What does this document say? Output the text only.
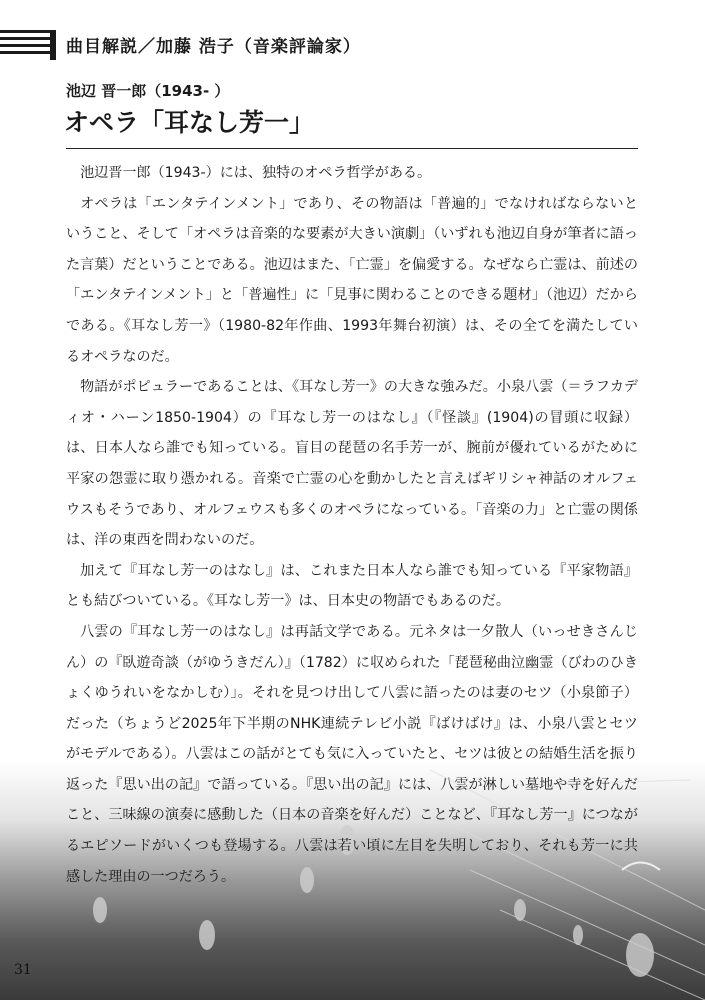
曲目解説／加藤 浩子（音楽評論家）
池辺 晋一郎（1943- ）
オペラ「耳なし芳一」

池辺晋一郎（1943-）には、独特のオペラ哲学がある。

オペラは「エンタテインメント」であり、その物語は「普遍的」でなければならないということ、そして「オペラは音楽的な要素が大きい演劇」（いずれも池辺自身が筆者に語った言葉）だということである。池辺はまた、「亡霊」を偏愛する。なぜなら亡霊は、前述の「エンタテインメント」と「普遍性」に「見事に関わることのできる題材」（池辺）だからである。《耳なし芳一》（1980-82年作曲、1993年舞台初演）は、その全てを満たしているオペラなのだ。

物語がポピュラーであることは、《耳なし芳一》の大きな強みだ。小泉八雲（＝ラフカディオ・ハーン1850-1904）の『耳なし芳一のはなし』（『怪談』(1904)の冒頭に収録）は、日本人なら誰でも知っている。盲目の琵琶の名手芳一が、腕前が優れているがために平家の怨霊に取り憑かれる。音楽で亡霊の心を動かしたと言えばギリシャ神話のオルフェウスもそうであり、オルフェウスも多くのオペラになっている。「音楽の力」と亡霊の関係は、洋の東西を問わないのだ。

加えて『耳なし芳一のはなし』は、これまた日本人なら誰でも知っている『平家物語』とも結びついている。《耳なし芳一》は、日本史の物語でもあるのだ。

八雲の『耳なし芳一のはなし』は再話文学である。元ネタは一夕散人（いっせきさんじん）の『臥遊奇談（がゆうきだん）』（1782）に収められた「琵琶秘曲泣幽霊（びわのひきょくゆうれいをなかしむ）」。それを見つけ出して八雲に語ったのは妻のセツ（小泉節子）だった（ちょうど2025年下半期のNHK連続テレビ小説『ばけばけ』は、小泉八雲とセツがモデルである）。八雲はこの話がとても気に入っていたと、セツは彼との結婚生活を振り返った『思い出の記』で語っている。『思い出の記』には、八雲が淋しい墓地や寺を好んだこと、三味線の演奏に感動した（日本の音楽を好んだ）ことなど、『耳なし芳一』につながるエピソードがいくつも登場する。八雲は若い頃に左目を失明しており、それも芳一に共感した理由の一つだろう。

31
